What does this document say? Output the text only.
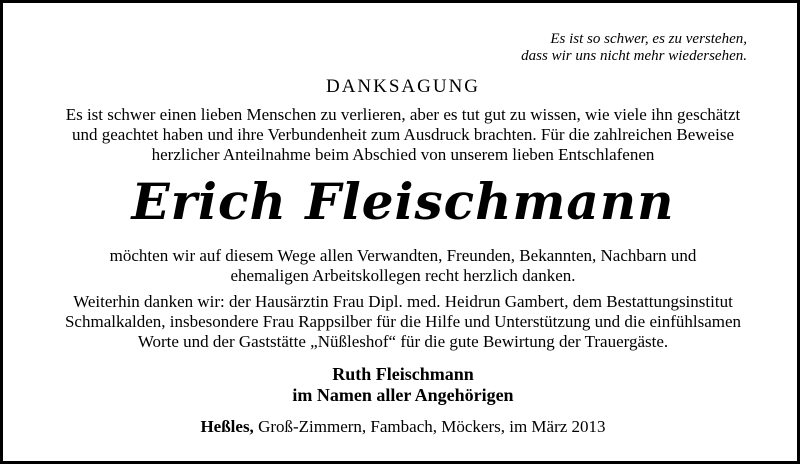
Es ist so schwer, es zu verstehen,
dass wir uns nicht mehr wiedersehen.
DANKSAGUNG
Es ist schwer einen lieben Menschen zu verlieren, aber es tut gut zu wissen, wie viele ihn geschätzt
und geachtet haben und ihre Verbundenheit zum Ausdruck brachten. Für die zahlreichen Beweise
herzlicher Anteilnahme beim Abschied von unserem lieben Entschlafenen
Erich Fleischmann
möchten wir auf diesem Wege allen Verwandten, Freunden, Bekannten, Nachbarn und
ehemaligen Arbeitskollegen recht herzlich danken.
Weiterhin danken wir: der Hausärztin Frau Dipl. med. Heidrun Gambert, dem Bestattungsinstitut
Schmalkalden, insbesondere Frau Rappsilber für die Hilfe und Unterstützung und die einfühlsamen
Worte und der Gaststätte „Nüßleshof“ für die gute Bewirtung der Trauergäste.
Ruth Fleischmann
im Namen aller Angehörigen
Heßles, Groß-Zimmern, Fambach, Möckers, im März 2013
